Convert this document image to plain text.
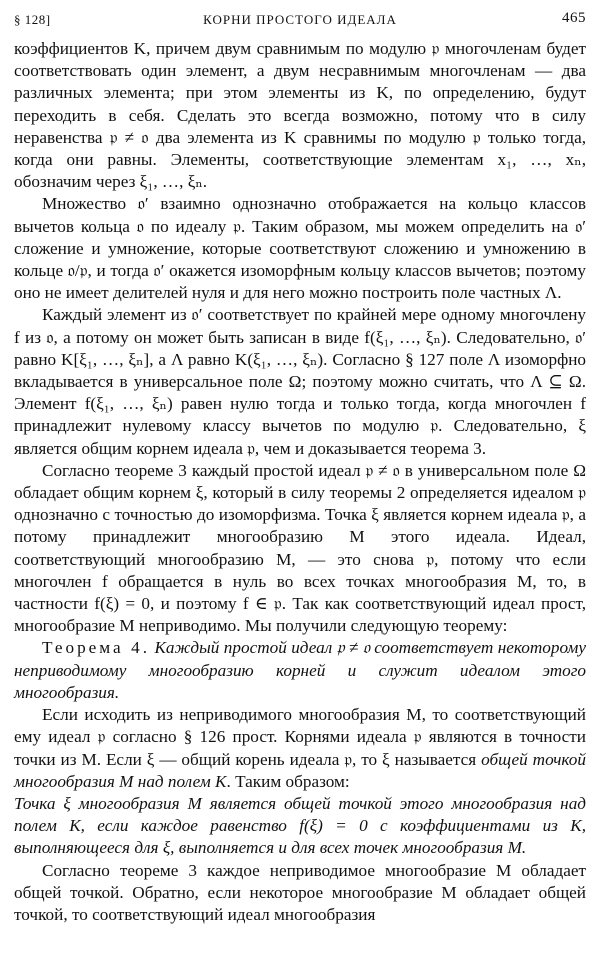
§ 128]	КОРНИ ПРОСТОГО ИДЕАЛА	465

коэффициентов Κ, причем двум сравнимым по модулю 𝔭 многочленам будет соответствовать один элемент, а двум несравнимым многочленам — два различных элемента; при этом элементы из Κ, по определению, будут переходить в себя. Сделать это всегда возможно, потому что в силу неравенства 𝔭 ≠ 𝔬 два элемента из Κ сравнимы по модулю 𝔭 только тогда, когда они равны. Элементы, соответствующие элементам x₁, …, xₙ, обозначим через ξ₁, …, ξₙ.

Множество 𝔬′ взаимно однозначно отображается на кольцо классов вычетов кольца 𝔬 по идеалу 𝔭. Таким образом, мы можем определить на 𝔬′ сложение и умножение, которые соответствуют сложению и умножению в кольце 𝔬/𝔭, и тогда 𝔬′ окажется изоморфным кольцу классов вычетов; поэтому оно не имеет делителей нуля и для него можно построить поле частных Λ.

Каждый элемент из 𝔬′ соответствует по крайней мере одному многочлену f из 𝔬, а потому он может быть записан в виде f(ξ₁, …, ξₙ). Следовательно, 𝔬′ равно Κ[ξ₁, …, ξₙ], а Λ равно Κ(ξ₁, …, ξₙ). Согласно § 127 поле Λ изоморфно вкладывается в универсальное поле Ω; поэтому можно считать, что Λ ⊆ Ω. Элемент f(ξ₁, …, ξₙ) равен нулю тогда и только тогда, когда многочлен f принадлежит нулевому классу вычетов по модулю 𝔭. Следовательно, ξ является общим корнем идеала 𝔭, чем и доказывается теорема 3.

Согласно теореме 3 каждый простой идеал 𝔭 ≠ 𝔬 в универсальном поле Ω обладает общим корнем ξ, который в силу теоремы 2 определяется идеалом 𝔭 однозначно с точностью до изоморфизма. Точка ξ является корнем идеала 𝔭, а потому принадлежит многообразию M этого идеала. Идеал, соответствующий многообразию M, — это снова 𝔭, потому что если многочлен f обращается в нуль во всех точках многообразия M, то, в частности f(ξ) = 0, и поэтому f ∈ 𝔭. Так как соответствующий идеал прост, многообразие M неприводимо. Мы получили следующую теорему:

Теорема 4. Каждый простой идеал 𝔭 ≠ 𝔬 соответствует некоторому неприводимому многообразию корней и служит идеалом этого многообразия.

Если исходить из неприводимого многообразия M, то соответствующий ему идеал 𝔭 согласно § 126 прост. Корнями идеала 𝔭 являются в точности точки из M. Если ξ — общий корень идеала 𝔭, то ξ называется общей точкой многообразия M над полем Κ. Таким образом:

Точка ξ многообразия M является общей точкой этого многообразия над полем Κ, если каждое равенство f(ξ) = 0 с коэффициентами из Κ, выполняющееся для ξ, выполняется и для всех точек многообразия M.

Согласно теореме 3 каждое неприводимое многообразие M обладает общей точкой. Обратно, если некоторое многообразие M обладает общей точкой, то соответствующий идеал многообразия
